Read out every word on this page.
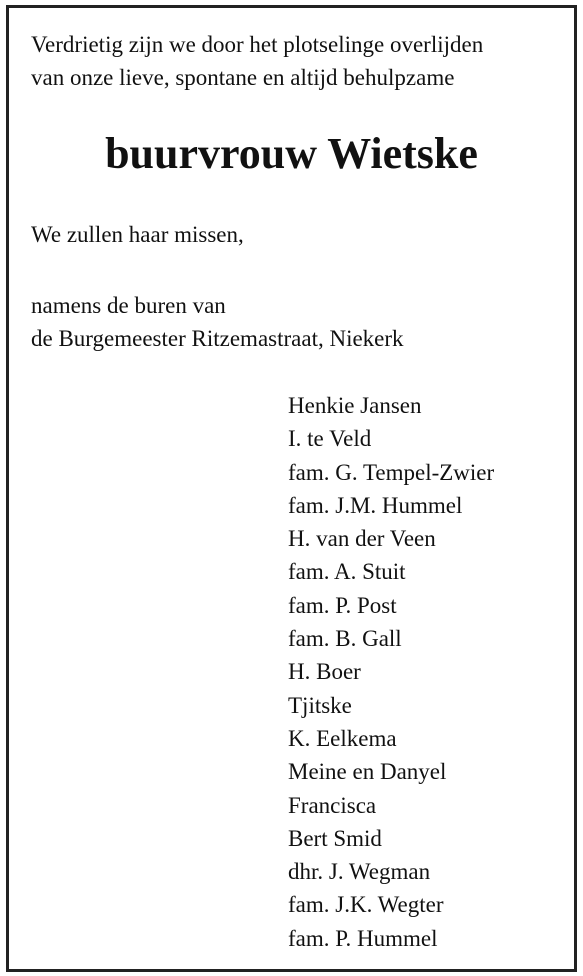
Verdrietig zijn we door het plotselinge overlijden
van onze lieve, spontane en altijd behulpzame
buurvrouw Wietske
We zullen haar missen,
namens de buren van
de Burgemeester Ritzemastraat, Niekerk
Henkie Jansen
I. te Veld
fam. G. Tempel-Zwier
fam. J.M. Hummel
H. van der Veen
fam. A. Stuit
fam. P. Post
fam. B. Gall
H. Boer
Tjitske
K. Eelkema
Meine en Danyel
Francisca
Bert Smid
dhr. J. Wegman
fam. J.K. Wegter
fam. P. Hummel
